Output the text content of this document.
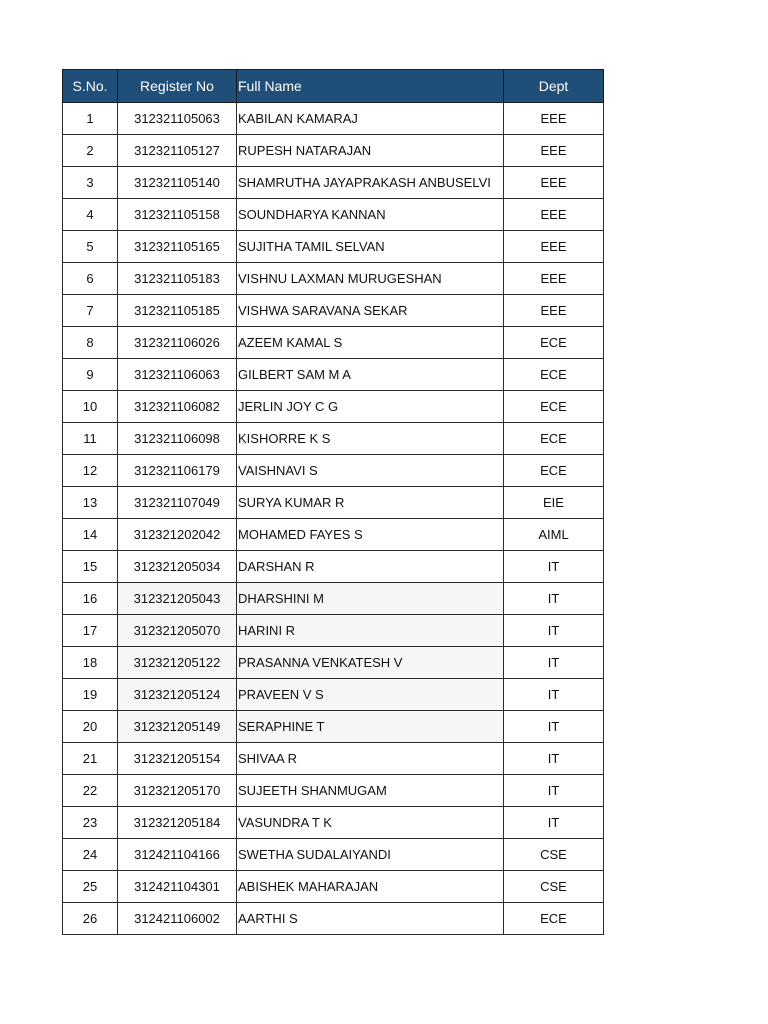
S.No.	Register No	Full Name	Dept
1	312321105063	KABILAN KAMARAJ	EEE
2	312321105127	RUPESH NATARAJAN	EEE
3	312321105140	SHAMRUTHA JAYAPRAKASH ANBUSELVI	EEE
4	312321105158	SOUNDHARYA KANNAN	EEE
5	312321105165	SUJITHA TAMIL SELVAN	EEE
6	312321105183	VISHNU LAXMAN MURUGESHAN	EEE
7	312321105185	VISHWA SARAVANA SEKAR	EEE
8	312321106026	AZEEM KAMAL S	ECE
9	312321106063	GILBERT SAM M A	ECE
10	312321106082	JERLIN JOY C G	ECE
11	312321106098	KISHORRE K S	ECE
12	312321106179	VAISHNAVI S	ECE
13	312321107049	SURYA KUMAR R	EIE
14	312321202042	MOHAMED FAYES S	AIML
15	312321205034	DARSHAN R	IT
16	312321205043	DHARSHINI M	IT
17	312321205070	HARINI R	IT
18	312321205122	PRASANNA VENKATESH V	IT
19	312321205124	PRAVEEN V S	IT
20	312321205149	SERAPHINE T	IT
21	312321205154	SHIVAA R	IT
22	312321205170	SUJEETH SHANMUGAM	IT
23	312321205184	VASUNDRA T K	IT
24	312421104166	SWETHA SUDALAIYANDI	CSE
25	312421104301	ABISHEK MAHARAJAN	CSE
26	312421106002	AARTHI S	ECE
